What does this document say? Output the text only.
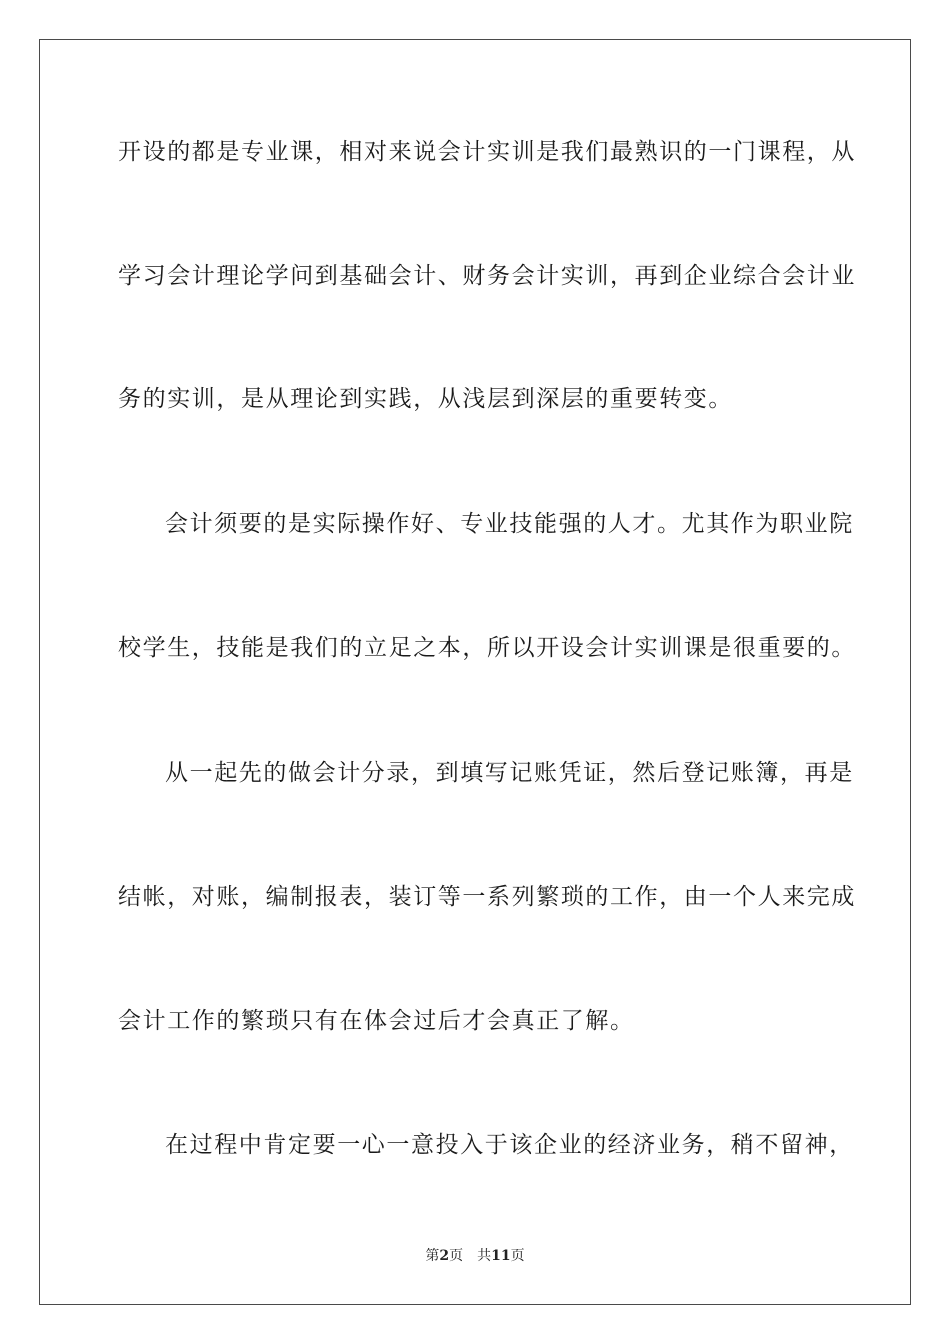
开设的都是专业课，相对来说会计实训是我们最熟识的一门课程，从
学习会计理论学问到基础会计、财务会计实训，再到企业综合会计业
务的实训，是从理论到实践，从浅层到深层的重要转变。
会计须要的是实际操作好、专业技能强的人才。尤其作为职业院
校学生，技能是我们的立足之本，所以开设会计实训课是很重要的。
从一起先的做会计分录，到填写记账凭证，然后登记账簿，再是
结帐，对账，编制报表，装订等一系列繁琐的工作，由一个人来完成
会计工作的繁琐只有在体会过后才会真正了解。
在过程中肯定要一心一意投入于该企业的经济业务，稍不留神，
第2页 共11页
